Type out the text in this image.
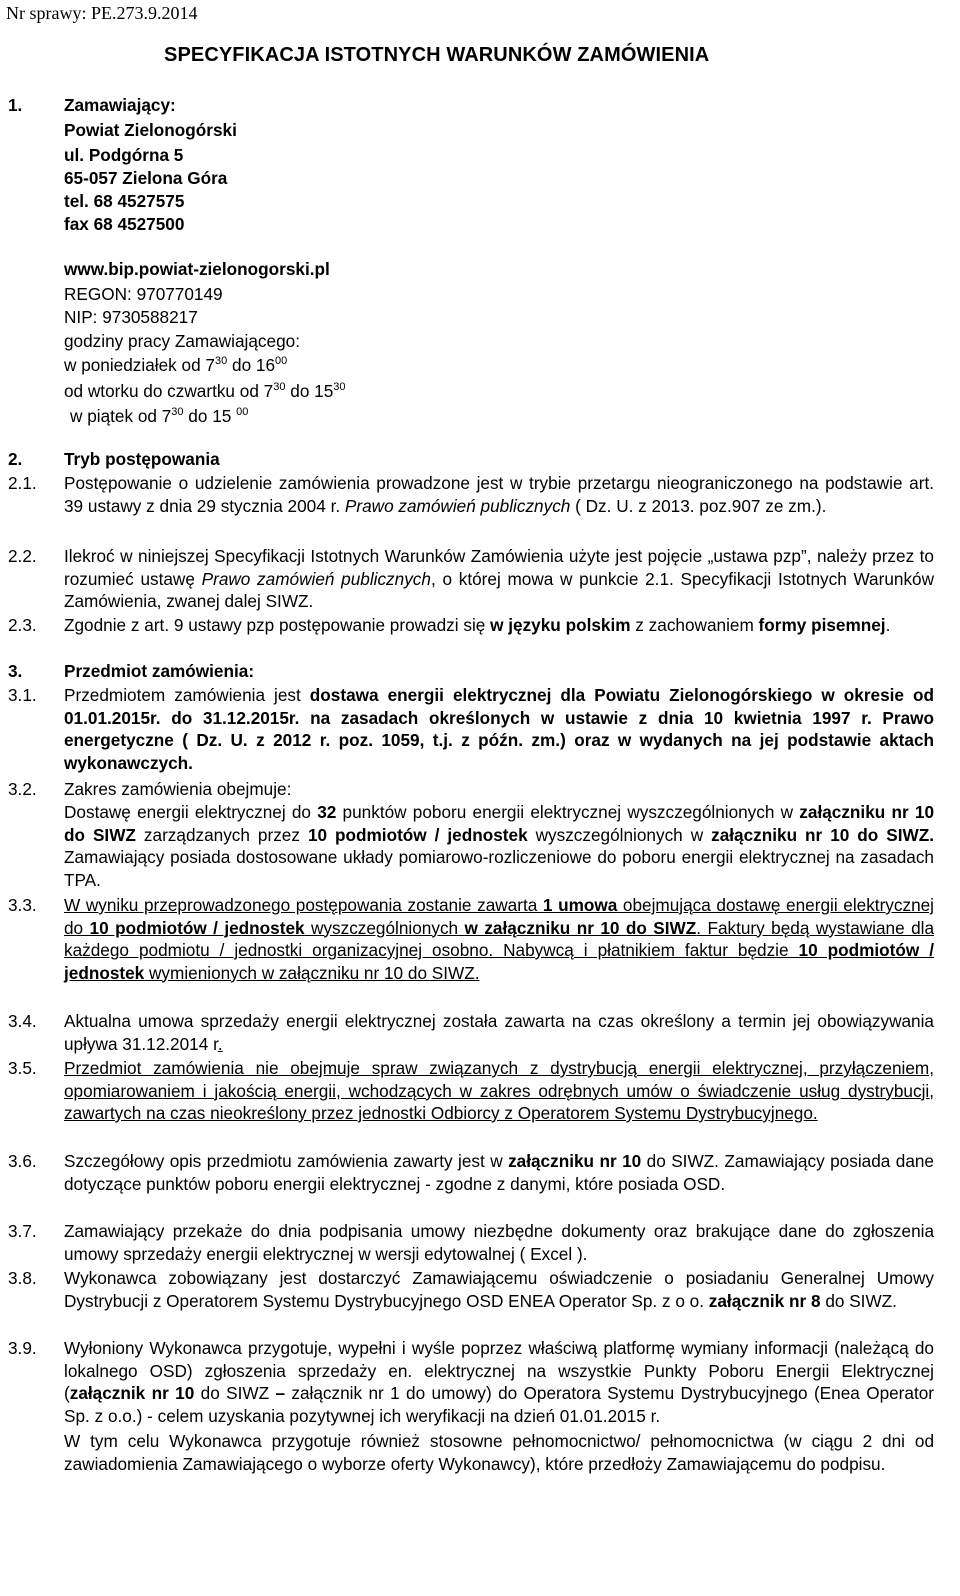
Nr sprawy: PE.273.9.2014
SPECYFIKACJA ISTOTNYCH WARUNKÓW ZAMÓWIENIA
1. Zamawiający:
Powiat Zielonogórski
ul. Podgórna 5
65-057 Zielona Góra
tel. 68 4527575
fax 68 4527500
www.bip.powiat-zielonogorski.pl
REGON: 970770149
NIP: 9730588217
godziny pracy Zamawiającego:
w poniedziałek od $7^{30}$ do $16^{00}$
od wtorku do czwartku od $7^{30}$ do $15^{30}$
w piątek od $7^{30}$ do 15 $^{00}$
2. Tryb postępowania
2.1. Postępowanie o udzielenie zamówienia prowadzone jest w trybie przetargu nieograniczonego na podstawie art. 39 ustawy z dnia 29 stycznia 2004 r. Prawo zamówień publicznych ( Dz. U. z 2013. poz.907 ze zm.).
2.2. Ilekroć w niniejszej Specyfikacji Istotnych Warunków Zamówienia użyte jest pojęcie „ustawa pzp”, należy przez to rozumieć ustawę Prawo zamówień publicznych, o której mowa w punkcie 2.1. Specyfikacji Istotnych Warunków Zamówienia, zwanej dalej SIWZ.
2.3. Zgodnie z art. 9 ustawy pzp postępowanie prowadzi się w języku polskim z zachowaniem formy pisemnej.
3. Przedmiot zamówienia:
3.1. Przedmiotem zamówienia jest dostawa energii elektrycznej dla Powiatu Zielonogórskiego w okresie od 01.01.2015r. do 31.12.2015r. na zasadach określonych w ustawie z dnia 10 kwietnia 1997 r. Prawo energetyczne ( Dz. U. z 2012 r. poz. 1059, t.j. z późn. zm.) oraz w wydanych na jej podstawie aktach wykonawczych.
3.2. Zakres zamówienia obejmuje:
Dostawę energii elektrycznej do 32 punktów poboru energii elektrycznej wyszczególnionych w załączniku nr 10 do SIWZ zarządzanych przez 10 podmiotów / jednostek wyszczególnionych w załączniku nr 10 do SIWZ. Zamawiający posiada dostosowane układy pomiarowo-rozliczeniowe do poboru energii elektrycznej na zasadach TPA.
3.3. W wyniku przeprowadzonego postępowania zostanie zawarta 1 umowa obejmująca dostawę energii elektrycznej do 10 podmiotów / jednostek wyszczególnionych w załączniku nr 10 do SIWZ. Faktury będą wystawiane dla każdego podmiotu / jednostki organizacyjnej osobno. Nabywcą i płatnikiem faktur będzie 10 podmiotów / jednostek wymienionych w załączniku nr 10 do SIWZ.
3.4. Aktualna umowa sprzedaży energii elektrycznej została zawarta na czas określony a termin jej obowiązywania upływa 31.12.2014 r.
3.5. Przedmiot zamówienia nie obejmuje spraw związanych z dystrybucją energii elektrycznej, przyłączeniem, opomiarowaniem i jakością energii, wchodzących w zakres odrębnych umów o świadczenie usług dystrybucji, zawartych na czas nieokreślony przez jednostki Odbiorcy z Operatorem Systemu Dystrybucyjnego.
3.6. Szczegółowy opis przedmiotu zamówienia zawarty jest w załączniku nr 10 do SIWZ. Zamawiający posiada dane dotyczące punktów poboru energii elektrycznej - zgodne z danymi, które posiada OSD.
3.7. Zamawiający przekaże do dnia podpisania umowy niezbędne dokumenty oraz brakujące dane do zgłoszenia umowy sprzedaży energii elektrycznej w wersji edytowalnej ( Excel ).
3.8. Wykonawca zobowiązany jest dostarczyć Zamawiającemu oświadczenie o posiadaniu Generalnej Umowy Dystrybucji z Operatorem Systemu Dystrybucyjnego OSD ENEA Operator Sp. z o o. załącznik nr 8 do SIWZ.
3.9. Wyłoniony Wykonawca przygotuje, wypełni i wyśle poprzez właściwą platformę wymiany informacji (należącą do lokalnego OSD) zgłoszenia sprzedaży en. elektrycznej na wszystkie Punkty Poboru Energii Elektrycznej (załącznik nr 10 do SIWZ – załącznik nr 1 do umowy) do Operatora Systemu Dystrybucyjnego (Enea Operator Sp. z o.o.) - celem uzyskania pozytywnej ich weryfikacji na dzień 01.01.2015 r.
W tym celu Wykonawca przygotuje również stosowne pełnomocnictwo/ pełnomocnictwa (w ciągu 2 dni od zawiadomienia Zamawiającego o wyborze oferty Wykonawcy), które przedłoży Zamawiającemu do podpisu.
